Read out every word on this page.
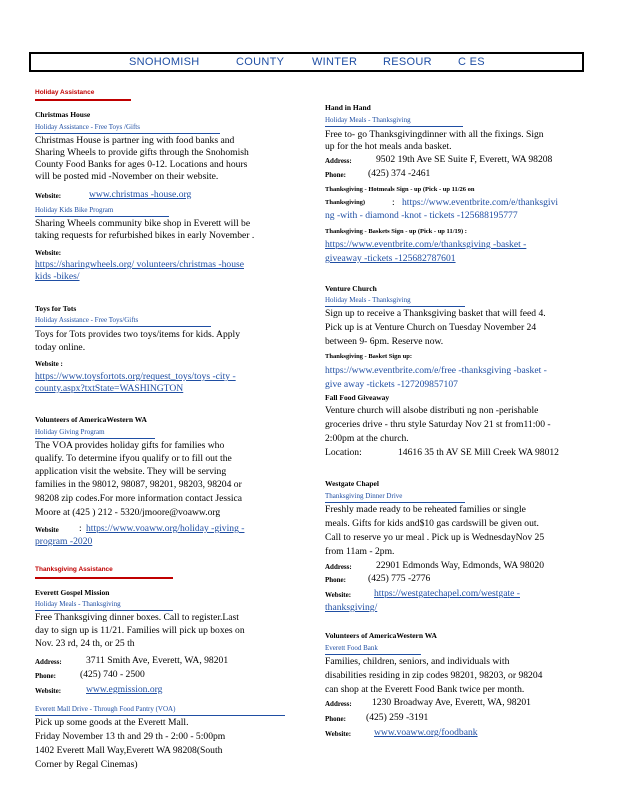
SNOHOMISH	COUNTY	WINTER RESOUR C ES
Holiday Assistance
Christmas House
Holiday Assistance - Free Toys /Gifts
Christmas House is partner ing with food banks and
Sharing Wheels to provide gifts through the Snohomish
County Food Banks for ages 0-12. Locations and hours
will be posted mid -November on their website.
Website:	www.christmas -house.org
Holiday Kids Bike Program
Sharing Wheels community bike shop in Everett will be
taking requests for refurbished bikes in early November .
Website:
https://sharingwheels.org/ volunteers/christmas -house
kids -bikes/
Toys for Tots
Holiday Assistance - Free Toys/Gifts
Toys for Tots provides two toys/items for kids. Apply
today online.
Website :
https://www.toysfortots.org/request_toys/toys -city -
county.aspx?txtState=WASHINGTON
Volunteers of AmericaWestern WA
Holiday Giving Program
The VOA provides holiday gifts for families who
qualify. To determine ifyou qualify or to fill out the
application visit the website. They will be serving
families in the 98012, 98087, 98201, 98203, 98204 or
98208 zip codes.For more information contact Jessica
Moore at (425 ) 212 - 5320/jmoore@voaww.org
Website : https://www.voaww.org/holiday -giving -
program -2020
Thanksgiving Assistance
Everett Gospel Mission
Holiday Meals - Thanksgiving
Free Thanksgiving dinner boxes. Call to register.Last
day to sign up is 11/21. Families will pick up boxes on
Nov. 23 rd, 24 th, or 25 th
Address:	3711 Smith Ave, Everett, WA, 98201
Phone:	(425) 740 - 2500
Website:	www.egmission.org
Everett Mall Drive - Through Food Pantry (VOA)
Pick up some goods at the Everett Mall.
Friday November 13 th and 29 th - 2:00 - 5:00pm
1402 Everett Mall Way,Everett WA 98208(South
Corner by Regal Cinemas)
Hand in Hand
Holiday Meals - Thanksgiving
Free to- go Thanksgivingdinner with all the fixings. Sign
up for the hot meals anda basket.
Address:	9502 19th Ave SE Suite F, Everett, WA 98208
Phone: (425) 374 -2461
Thanksgiving - Hotmeals Sign - up (Pick - up 11/26 on
Thanksgiving)	: https://www.eventbrite.com/e/thanksgivi
ng -with - diamond -knot - tickets -125688195777
Thanksgiving - Baskets Sign - up (Pick - up 11/19) :
https://www.eventbrite.com/e/thanksgiving -basket -
giveaway -tickets -125682787601
Venture Church
Holiday Meals - Thanksgiving
Sign up to receive a Thanksgiving basket that will feed 4.
Pick up is at Venture Church on Tuesday November 24
between 9- 6pm. Reserve now.
Thanksgiving - Basket Sign up:
https://www.eventbrite.com/e/free -thanksgiving -basket -
give away -tickets -127209857107
Fall Food Giveaway
Venture church will alsobe distributi ng non -perishable
groceries drive - thru style Saturday Nov 21 st from11:00 -
2:00pm at the church.
Location:	14616 35 th AV SE Mill Creek WA 98012
Westgate Chapel
Thanksgiving Dinner Drive
Freshly made ready to be reheated families or single
meals. Gifts for kids and$10 gas cardswill be given out.
Call to reserve yo ur meal . Pick up is WednesdayNov 25
from 11am - 2pm.
Address:	22901 Edmonds Way, Edmonds, WA 98020
Phone: (425) 775 -2776
Website: https://westgatechapel.com/westgate -
thanksgiving/
Volunteers of AmericaWestern WA
Everett Food Bank
Families, children, seniors, and individuals with
disabilities residing in zip codes 98201, 98203, or 98204
can shop at the Everett Food Bank twice per month.
Address: 1230 Broadway Ave, Everett, WA, 98201
Phone: (425) 259 -3191
Website: www.voaww.org/foodbank
